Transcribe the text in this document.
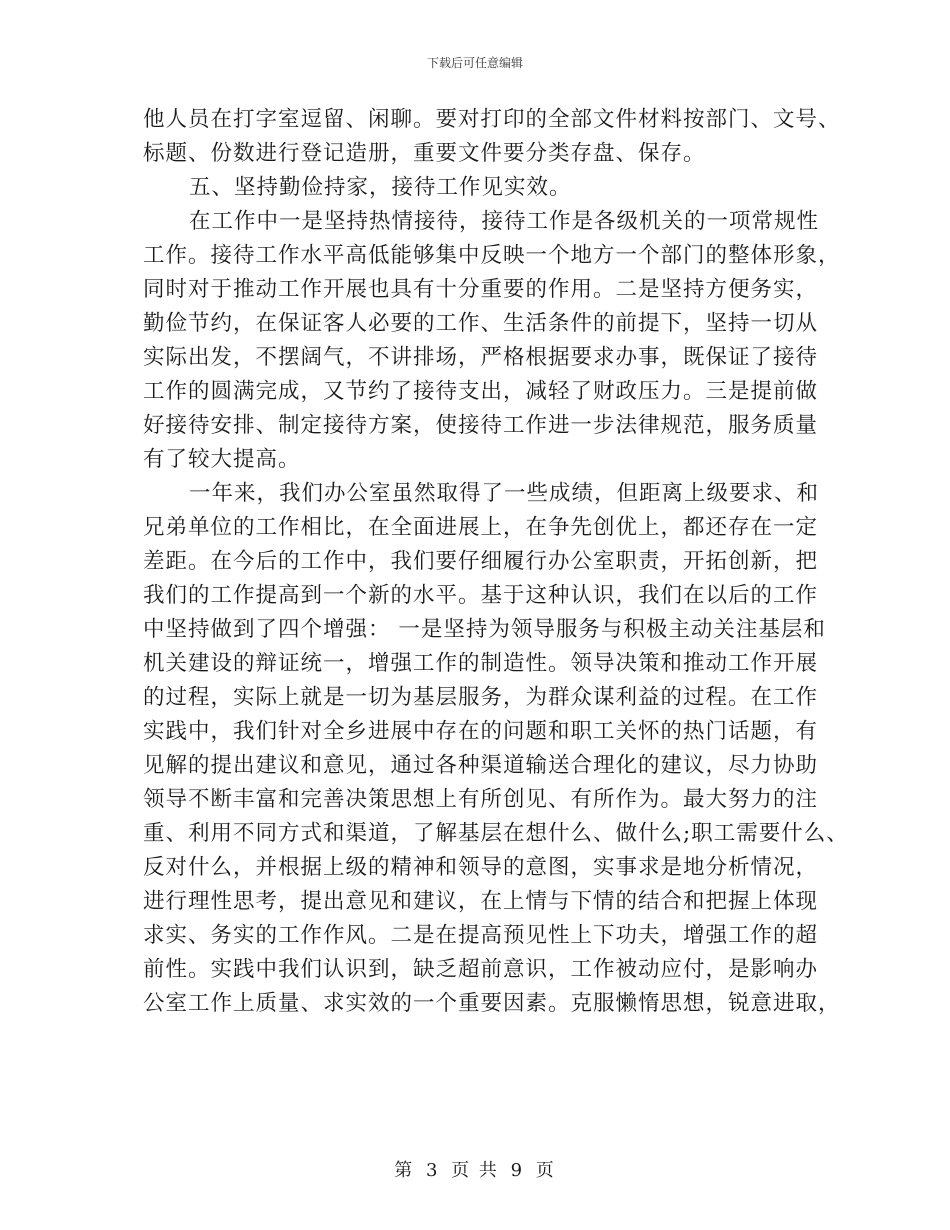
下载后可任意编辑
他人员在打字室逗留、闲聊。要对打印的全部文件材料按部门、文号、
标题、份数进行登记造册，重要文件要分类存盘、保存。
五、坚持勤俭持家，接待工作见实效。
在工作中一是坚持热情接待，接待工作是各级机关的一项常规性
工作。接待工作水平高低能够集中反映一个地方一个部门的整体形象，
同时对于推动工作开展也具有十分重要的作用。二是坚持方便务实，
勤俭节约，在保证客人必要的工作、生活条件的前提下，坚持一切从
实际出发，不摆阔气，不讲排场，严格根据要求办事，既保证了接待
工作的圆满完成，又节约了接待支出，减轻了财政压力。三是提前做
好接待安排、制定接待方案，使接待工作进一步法律规范，服务质量
有了较大提高。
一年来，我们办公室虽然取得了一些成绩，但距离上级要求、和
兄弟单位的工作相比，在全面进展上，在争先创优上，都还存在一定
差距。在今后的工作中，我们要仔细履行办公室职责，开拓创新，把
我们的工作提高到一个新的水平。基于这种认识，我们在以后的工作
中坚持做到了四个增强： 一是坚持为领导服务与积极主动关注基层和
机关建设的辩证统一，增强工作的制造性。领导决策和推动工作开展
的过程，实际上就是一切为基层服务，为群众谋利益的过程。在工作
实践中，我们针对全乡进展中存在的问题和职工关怀的热门话题，有
见解的提出建议和意见，通过各种渠道输送合理化的建议，尽力协助
领导不断丰富和完善决策思想上有所创见、有所作为。最大努力的注
重、利用不同方式和渠道，了解基层在想什么、做什么;职工需要什么、
反对什么，并根据上级的精神和领导的意图，实事求是地分析情况，
进行理性思考，提出意见和建议，在上情与下情的结合和把握上体现
求实、务实的工作作风。二是在提高预见性上下功夫，增强工作的超
前性。实践中我们认识到，缺乏超前意识，工作被动应付，是影响办
公室工作上质量、求实效的一个重要因素。克服懒惰思想，锐意进取，
第 3 页 共 9 页
